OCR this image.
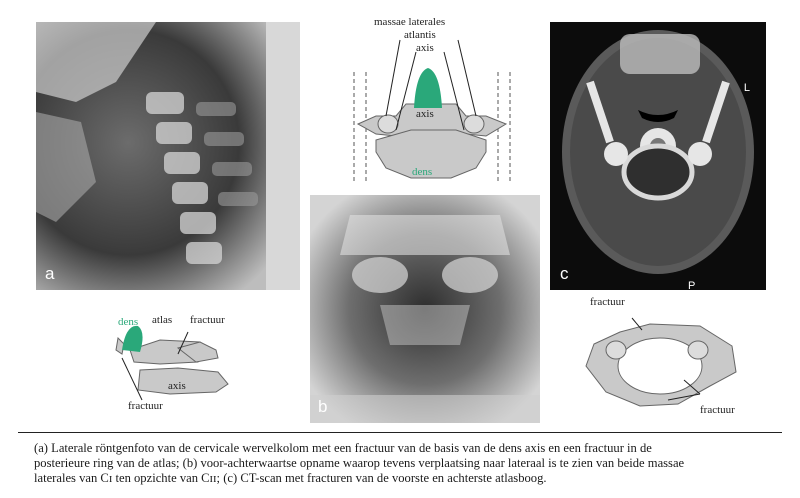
a
massae laterales
atlantis
axis
axis
dens
b
c
L
P
dens atlas fractuur
axis
fractuur
fractuur
fractuur
(a) Laterale röntgenfoto van de cervicale wervelkolom met een fractuur van de basis van de dens axis en een fractuur in de
posterieure ring van de atlas; (b) voor-achterwaartse opname waarop tevens verplaatsing naar lateraal is te zien van beide massae
laterales van Cɪ ten opzichte van Cɪɪ; (c) CT-scan met fracturen van de voorste en achterste atlasboog.
